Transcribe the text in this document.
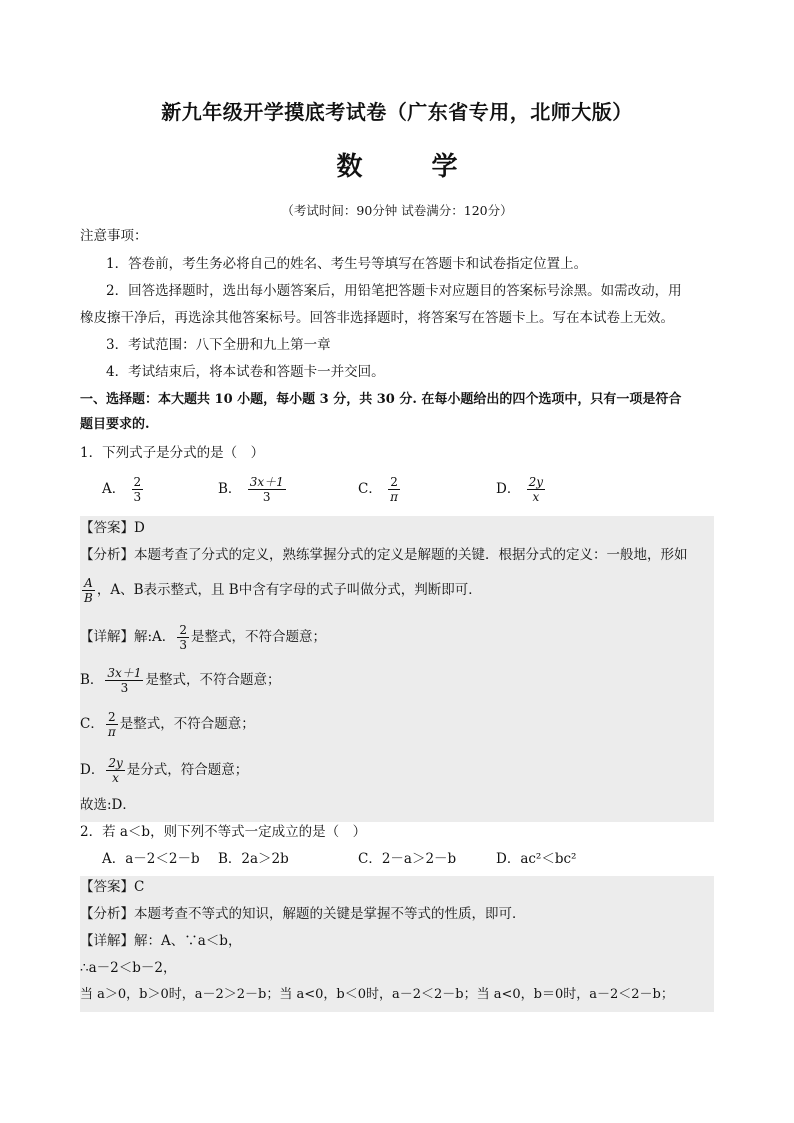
新九年级开学摸底考试卷（广东省专用，北师大版）
数 学
（考试时间：90分钟 试卷满分：120分）
注意事项：
1．答卷前，考生务必将自己的姓名、考生号等填写在答题卡和试卷指定位置上。
2．回答选择题时，选出每小题答案后，用铅笔把答题卡对应题目的答案标号涂黑。如需改动，用
橡皮擦干净后，再选涂其他答案标号。回答非选择题时，将答案写在答题卡上。写在本试卷上无效。
3．考试范围：八下全册和九上第一章
4．考试结束后，将本试卷和答题卡一并交回。
一、选择题：本大题共 10 小题，每小题 3 分，共 30 分. 在每小题给出的四个选项中，只有一项是符合
题目要求的.
1．下列式子是分式的是（　）
A． $\frac{2}{3}$	B． $\frac{3x+1}{3}$	C． $\frac{2}{\pi}$	D． $\frac{2y}{x}$
【答案】D
【分析】本题考查了分式的定义，熟练掌握分式的定义是解题的关键．根据分式的定义：一般地，形如
$\frac{A}{B}$ ，A、B表示整式，且 B中含有字母的式子叫做分式，判断即可．
【详解】解:A． $\frac{2}{3}$ 是整式，不符合题意；
B． $\frac{3x+1}{3}$ 是整式，不符合题意；
C． $\frac{2}{\pi}$ 是整式，不符合题意；
D． $\frac{2y}{x}$ 是分式，符合题意；
故选:D．
2．若 a＜b，则下列不等式一定成立的是（　）
A．a－2＜2－b B．2a＞2b	C．2－a＞2－b	D．ac²＜bc²
【答案】C
【分析】本题考查不等式的知识，解题的关键是掌握不等式的性质，即可．
【详解】解：A、∵a＜b，
∴a－2＜b－2，
当 a＞0，b＞0时，a－2＞2－b；当 a<0，b＜0时，a－2＜2－b；当 a<0，b＝0时，a－2＜2－b；
